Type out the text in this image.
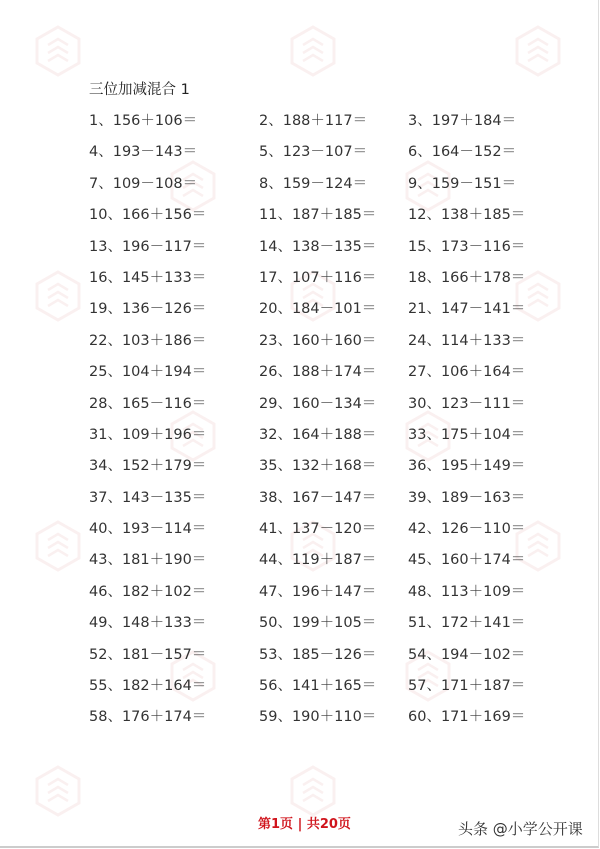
三位加减混合 1
1、156＋106＝	2、188＋117＝	3、197＋184＝
4、193－143＝	5、123－107＝	6、164－152＝
7、109－108＝	8、159－124＝	9、159－151＝
10、166＋156＝	11、187＋185＝	12、138＋185＝
13、196－117＝	14、138－135＝	15、173－116＝
16、145＋133＝	17、107＋116＝	18、166＋178＝
19、136－126＝	20、184－101＝	21、147－141＝
22、103＋186＝	23、160＋160＝	24、114＋133＝
25、104＋194＝	26、188＋174＝	27、106＋164＝
28、165－116＝	29、160－134＝	30、123－111＝
31、109＋196＝	32、164＋188＝	33、175＋104＝
34、152＋179＝	35、132＋168＝	36、195＋149＝
37、143－135＝	38、167－147＝	39、189－163＝
40、193－114＝	41、137－120＝	42、126－110＝
43、181＋190＝	44、119＋187＝	45、160＋174＝
46、182＋102＝	47、196＋147＝	48、113＋109＝
49、148＋133＝	50、199＋105＝	51、172＋141＝
52、181－157＝	53、185－126＝	54、194－102＝
55、182＋164＝	56、141＋165＝	57、171＋187＝
58、176＋174＝	59、190＋110＝	60、171＋169＝
第1页 | 共20页	头条 @小学公开课
